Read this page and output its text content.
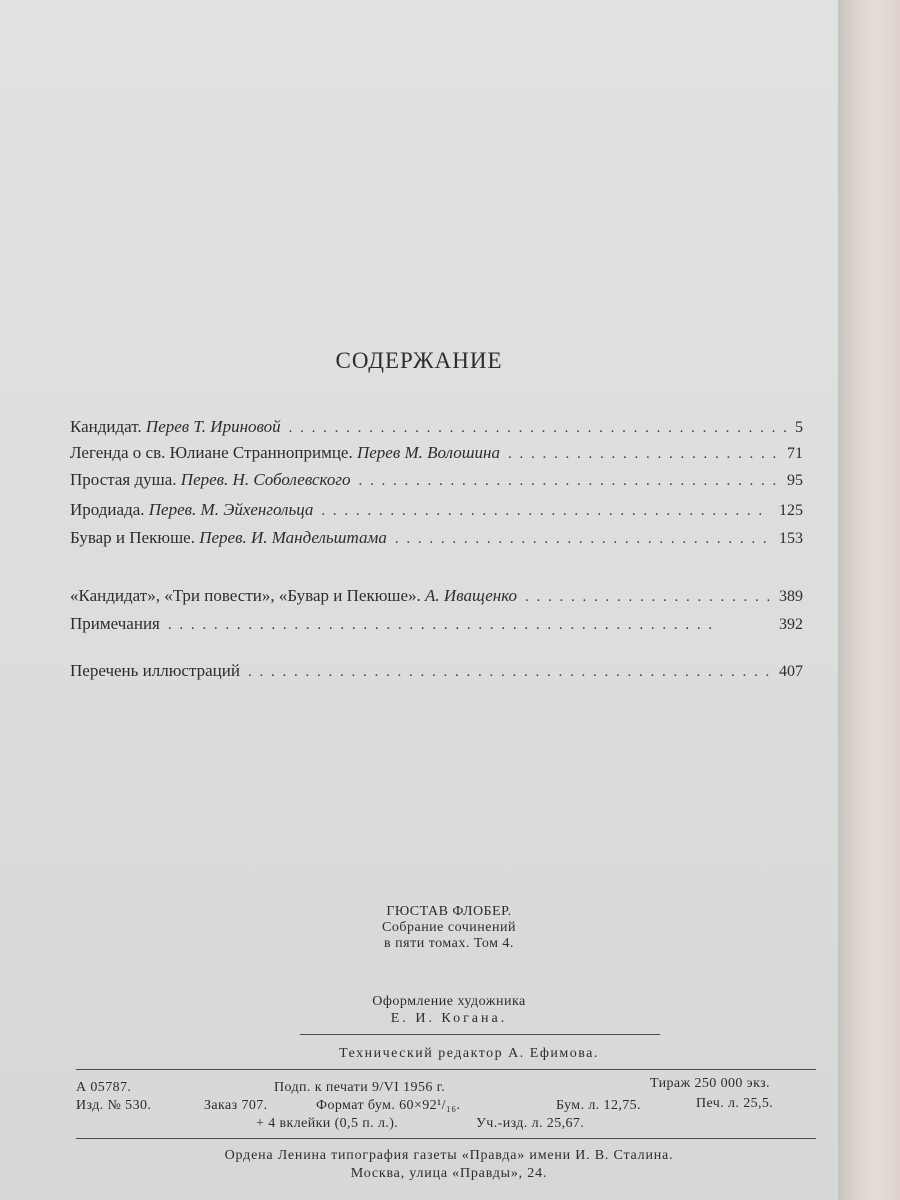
СОДЕРЖАНИЕ
Кандидат. Перев Т. Ириновой . . .	5
Легенда о св. Юлиане Страннопримце. Перев М. Волошина . . .	71
Простая душа. Перев. Н. Соболевского . . .	95
Иродиада. Перев. М. Эйхенгольца . . .	125
Бувар и Пекюше. Перев. И. Мандельштама . . .	153
«Кандидат», «Три повести», «Бувар и Пекюше». А. Иващенко . . .	389
Примечания . . .	392
Перечень иллюстраций . . .	407
ГЮСТАВ ФЛОБЕР.
Собрание сочинений
в пяти томах. Том 4.
Оформление художника
Е. И. Когана.
Технический редактор А. Ефимова.
А 05787.	Подп. к печати 9/VI 1956 г.	Тираж 250 000 экз.
Изд. № 530.	Заказ 707.	Формат бум. 60×92¹/₁₆.	Бум. л. 12,75.	Печ. л. 25,5.
+ 4 вклейки (0,5 п. л.).	Уч.-изд. л. 25,67.
Ордена Ленина типография газеты «Правда» имени И. В. Сталина.
Москва, улица «Правды», 24.
